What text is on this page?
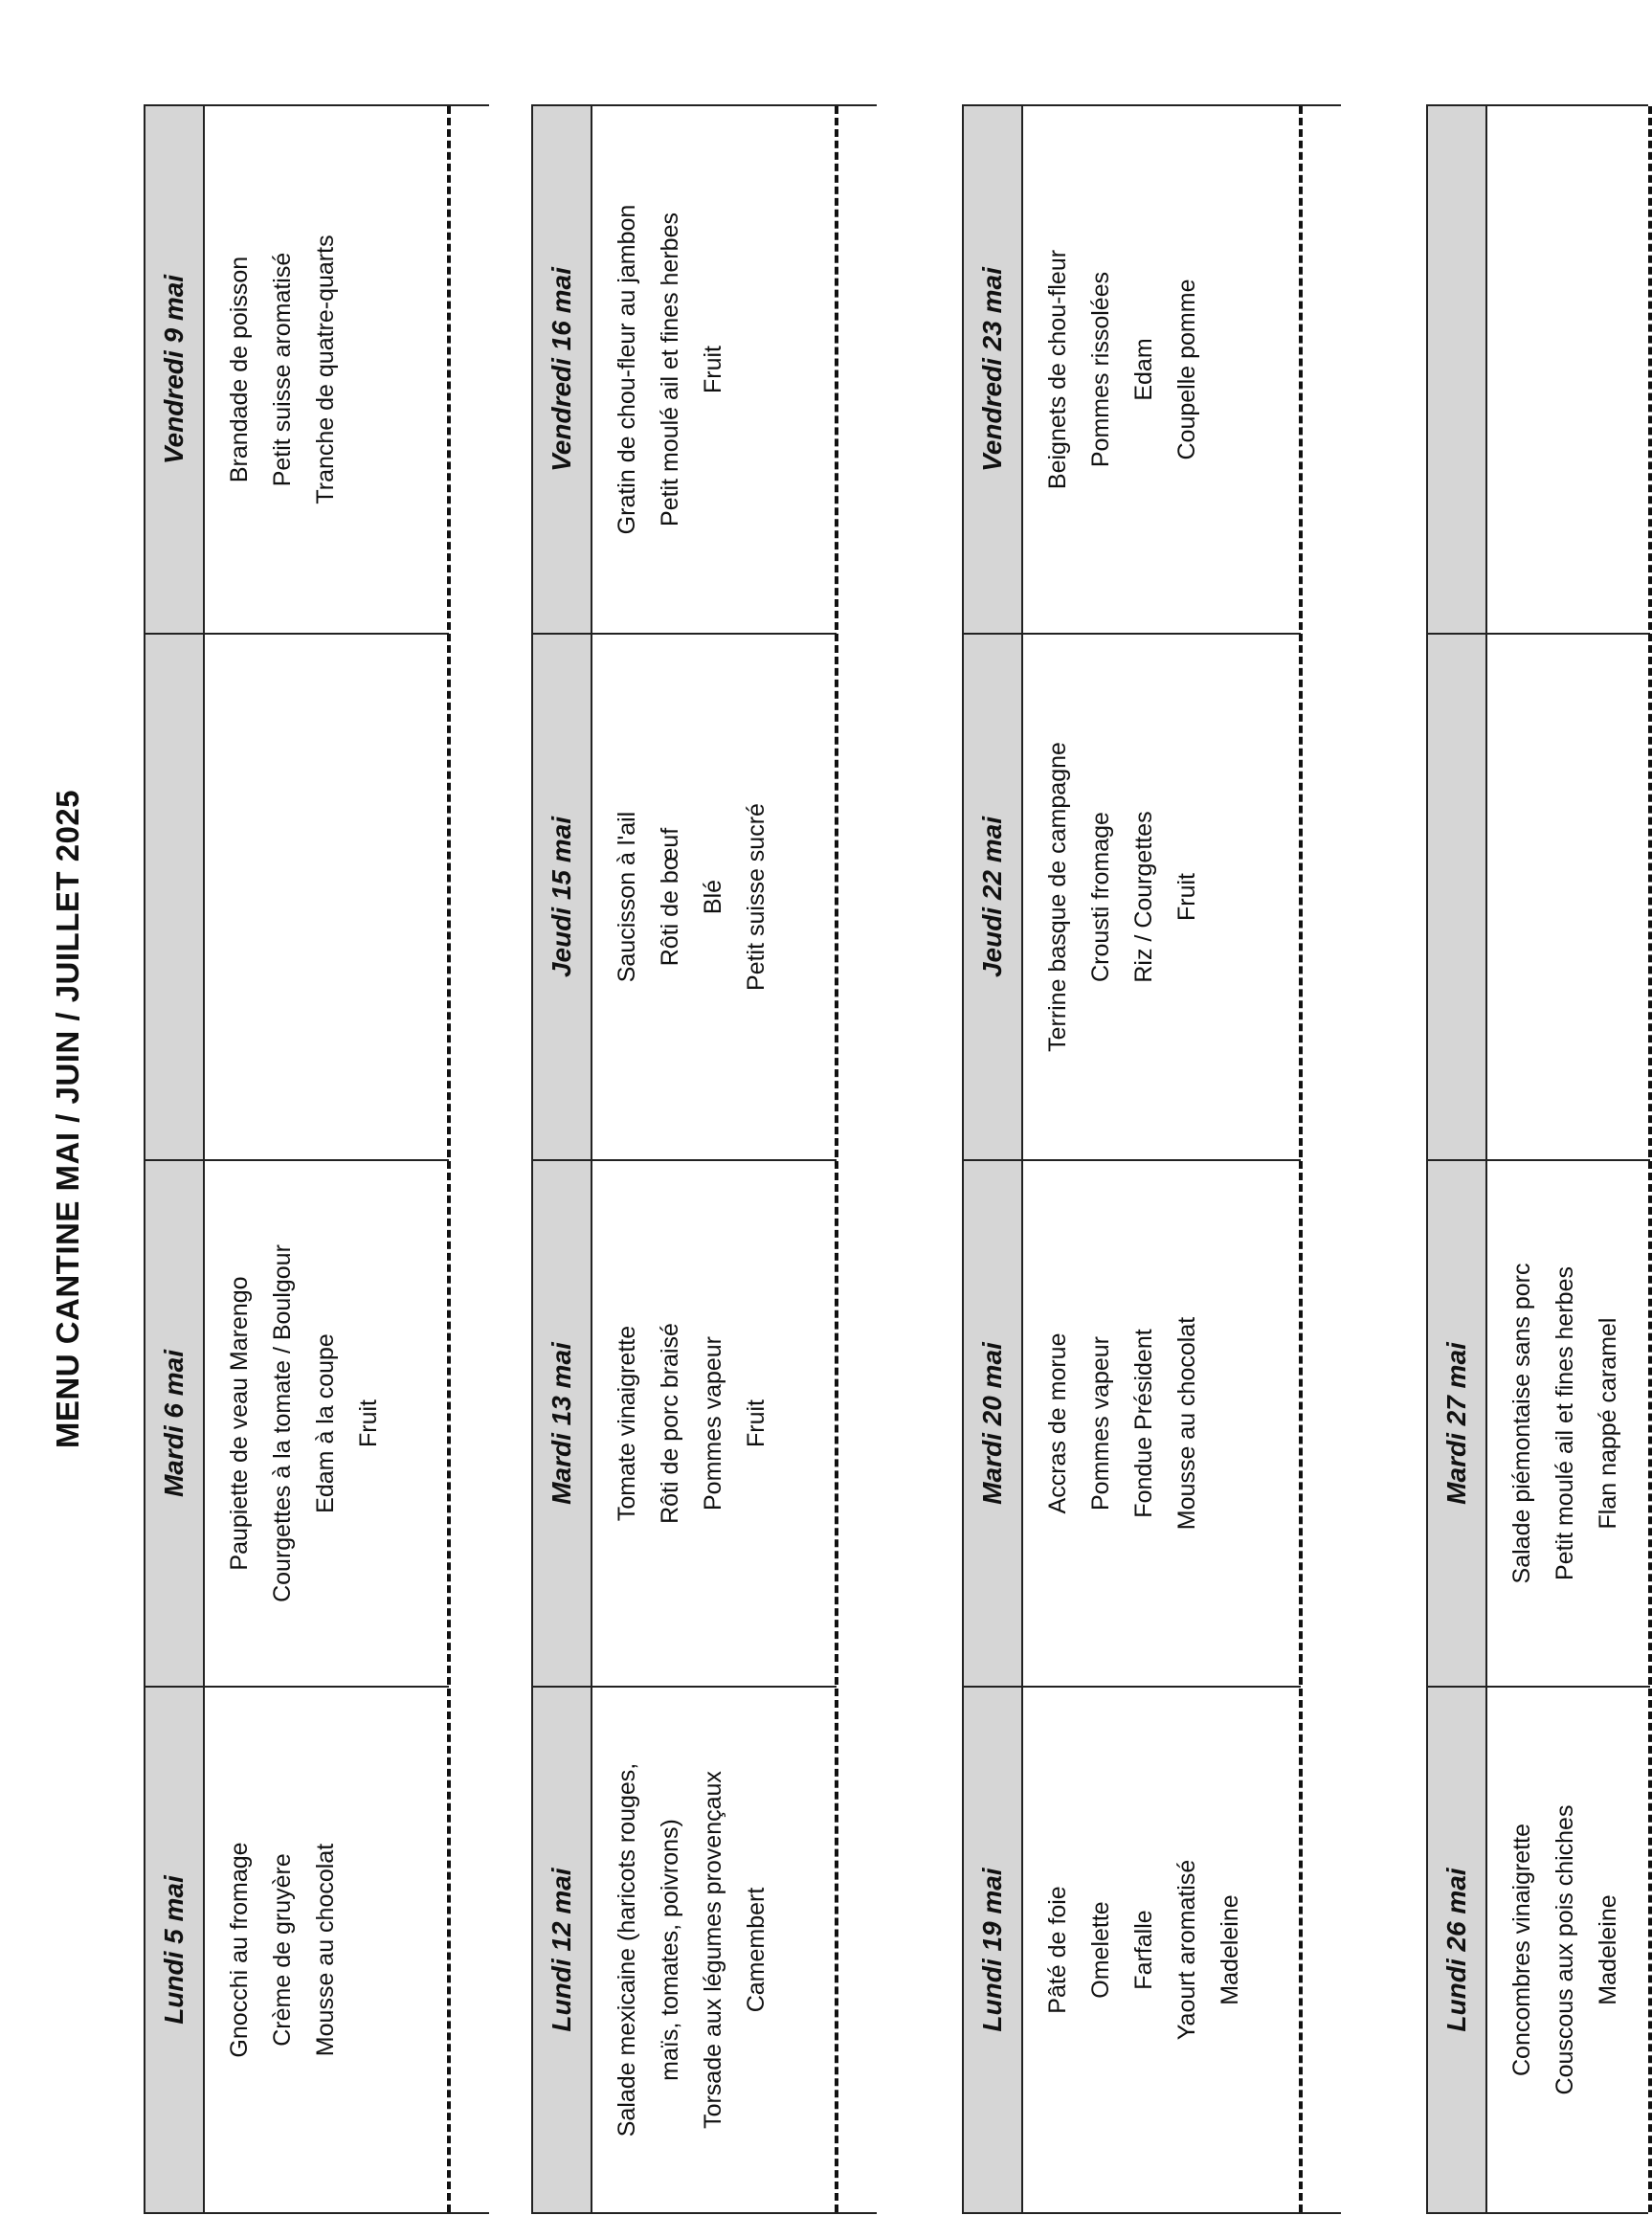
MENU CANTINE MAI / JUIN / JUILLET 2025
Lundi 5 mai
Mardi 6 mai
Vendredi 9 mai
Gnocchi au fromage Crème de gruyère Mousse au chocolat
Paupiette de veau Marengo Courgettes à la tomate / Boulgour Edam à la coupe Fruit
Brandade de poisson Petit suisse aromatisé Tranche de quatre-quarts
Lundi 12 mai
Mardi 13 mai
Jeudi 15 mai
Vendredi 16 mai
Salade mexicaine (haricots rouges, maïs, tomates, poivrons) Torsade aux légumes provençaux Camembert
Tomate vinaigrette Rôti de porc braisé Pommes vapeur Fruit
Saucisson à l'ail Rôti de bœuf Blé Petit suisse sucré
Gratin de chou-fleur au jambon Petit moulé ail et fines herbes Fruit
Lundi 19 mai
Mardi 20 mai
Jeudi 22 mai
Vendredi 23 mai
Pâté de foie Omelette Farfalle Yaourt aromatisé Madeleine
Accras de morue Pommes vapeur Fondue Président Mousse au chocolat
Terrine basque de campagne Crousti fromage Riz / Courgettes Fruit
Beignets de chou-fleur Pommes rissolées Edam Coupelle pomme
Lundi 26 mai
Mardi 27 mai
Concombres vinaigrette Couscous aux pois chiches Madeleine
Salade piémontaise sans porc Petit moulé ail et fines herbes Flan nappé caramel
